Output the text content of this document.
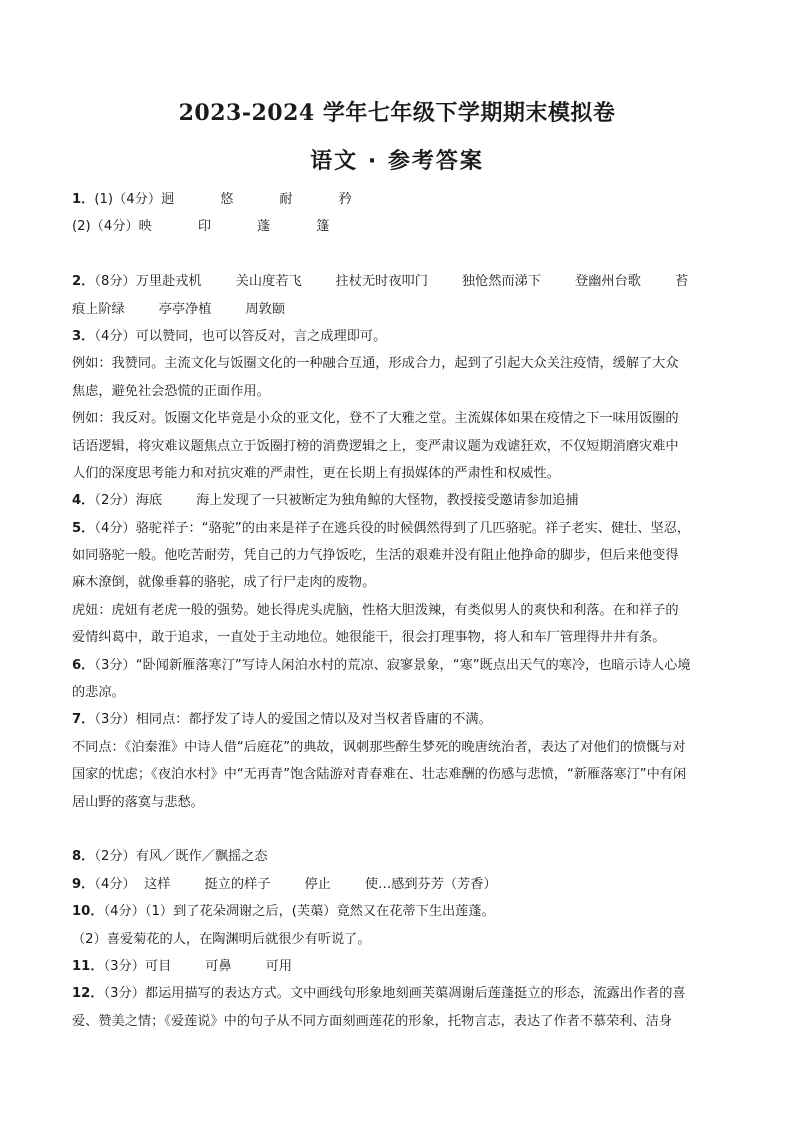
2023-2024 学年七年级下学期期末模拟卷
语文 · 参考答案
1．(1)（4分）迥	悠	耐	矜
(2)（4分）映	印	蓬	篷
2．（8分）万里赴戎机	关山度若飞	拄杖无时夜叩门	独怆然而涕下	登幽州台歌	苔
痕上阶绿	亭亭净植	周敦颐
3．（4分）可以赞同，也可以答反对，言之成理即可。
例如：我赞同。主流文化与饭圈文化的一种融合互通，形成合力，起到了引起大众关注疫情，缓解了大众
焦虑，避免社会恐慌的正面作用。
例如：我反对。饭圈文化毕竟是小众的亚文化，登不了大雅之堂。主流媒体如果在疫情之下一味用饭圈的
话语逻辑，将灾难议题焦点立于饭圈打榜的消费逻辑之上，变严肃议题为戏谑狂欢，不仅短期消磨灾难中
人们的深度思考能力和对抗灾难的严肃性，更在长期上有损媒体的严肃性和权威性。
4．（2分）海底	海上发现了一只被断定为独角鲸的大怪物，教授接受邀请参加追捕
5．（4分）骆驼祥子：“骆驼”的由来是祥子在逃兵役的时候偶然得到了几匹骆驼。祥子老实、健壮、坚忍，
如同骆驼一般。他吃苦耐劳，凭自己的力气挣饭吃，生活的艰难并没有阻止他挣命的脚步，但后来他变得
麻木潦倒，就像垂暮的骆驼，成了行尸走肉的废物。
虎妞：虎妞有老虎一般的强势。她长得虎头虎脑，性格大胆泼辣，有类似男人的爽快和利落。在和祥子的
爱情纠葛中，敢于追求，一直处于主动地位。她很能干，很会打理事物，将人和车厂管理得井井有条。
6．（3分）“卧闻新雁落寒汀”写诗人闲泊水村的荒凉、寂寥景象，“寒”既点出天气的寒冷，也暗示诗人心境
的悲凉。
7．（3分）相同点：都抒发了诗人的爱国之情以及对当权者昏庸的不满。
不同点：《泊秦淮》中诗人借“后庭花”的典故，讽刺那些醉生梦死的晚唐统治者，表达了对他们的愤慨与对
国家的忧虑；《夜泊水村》中“无再青”饱含陆游对青春难在、壮志难酬的伤感与悲愤，“新雁落寒汀”中有闲
居山野的落寞与悲愁。
8．（2分）有风／既作／飘摇之态
9．（4分） 这样	挺立的样子	停止	使…感到芬芳（芳香）
10．（4分）（1）到了花朵凋谢之后，(芙蕖）竟然又在花蒂下生出莲蓬。
（2）喜爱菊花的人，在陶渊明后就很少有听说了。
11．（3分）可目	可鼻	可用
12．（3分）都运用描写的表达方式。文中画线句形象地刻画芙蕖凋谢后莲蓬挺立的形态，流露出作者的喜
爱、赞美之情；《爱莲说》中的句子从不同方面刻画莲花的形象，托物言志，表达了作者不慕荣利、洁身
